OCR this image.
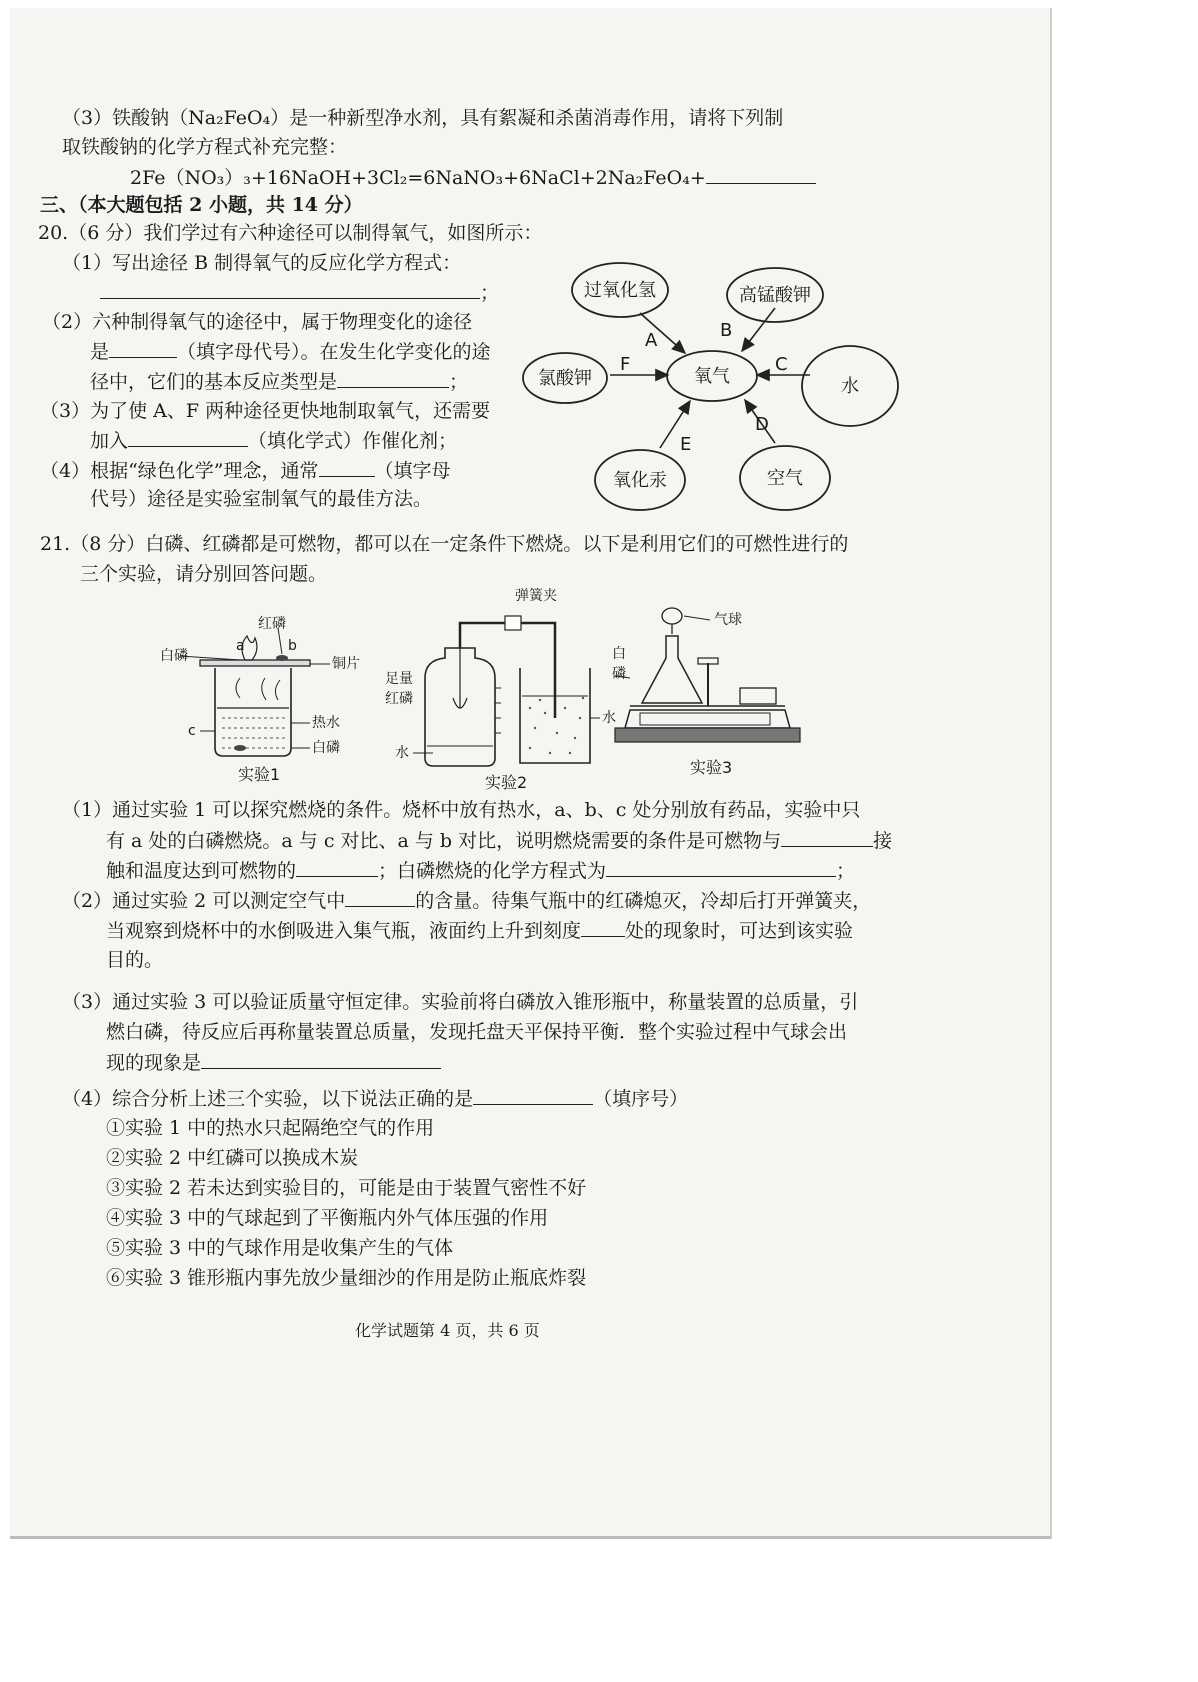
（3）铁酸钠（Na₂FeO₄）是一种新型净水剂，具有絮凝和杀菌消毒作用，请将下列制
取铁酸钠的化学方程式补充完整：
2Fe（NO₃）₃+16NaOH+3Cl₂=6NaNO₃+6NaCl+2Na₂FeO₄+
三、（本大题包括 2 小题，共 14 分）
20.（6 分）我们学过有六种途径可以制得氧气，如图所示：
（1）写出途径 B 制得氧气的反应化学方程式：
；
（2）六种制得氧气的途径中，属于物理变化的途径
是	（填字母代号）。在发生化学变化的途
径中，它们的基本反应类型是	；
（3）为了使 A、F 两种途径更快地制取氧气，还需要
加入	（填化学式）作催化剂；
（4）根据“绿色化学”理念，通常	（填字母
代号）途径是实验室制氧气的最佳方法。
氧气
过氧化氢	高锰酸钾
水
空气
氧化汞
氯酸钾
A	B
C
D
E
F
21.（8 分）白磷、红磷都是可燃物，都可以在一定条件下燃烧。以下是利用它们的可燃性进行的
三个实验，请分别回答问题。
红磷
白磷
a	b
铜片
热水
c
白磷
实验1
弹簧夹
足量
红磷
水
水
实验2
气球
白
磷
实验3
（1）通过实验 1 可以探究燃烧的条件。烧杯中放有热水，a、b、c 处分别放有药品，实验中只
有 a 处的白磷燃烧。a 与 c 对比、a 与 b 对比，说明燃烧需要的条件是可燃物与	接
触和温度达到可燃物的	；白磷燃烧的化学方程式为	；
（2）通过实验 2 可以测定空气中	的含量。待集气瓶中的红磷熄灭，冷却后打开弹簧夹，
当观察到烧杯中的水倒吸进入集气瓶，液面约上升到刻度 处的现象时，可达到该实验
目的。
（3）通过实验 3 可以验证质量守恒定律。实验前将白磷放入锥形瓶中，称量装置的总质量，引
燃白磷，待反应后再称量装置总质量，发现托盘天平保持平衡．整个实验过程中气球会出
现的现象是
（4）综合分析上述三个实验，以下说法正确的是	（填序号）
①实验 1 中的热水只起隔绝空气的作用
②实验 2 中红磷可以换成木炭
③实验 2 若未达到实验目的，可能是由于装置气密性不好
④实验 3 中的气球起到了平衡瓶内外气体压强的作用
⑤实验 3 中的气球作用是收集产生的气体
⑥实验 3 锥形瓶内事先放少量细沙的作用是防止瓶底炸裂
化学试题第 4 页，共 6 页
